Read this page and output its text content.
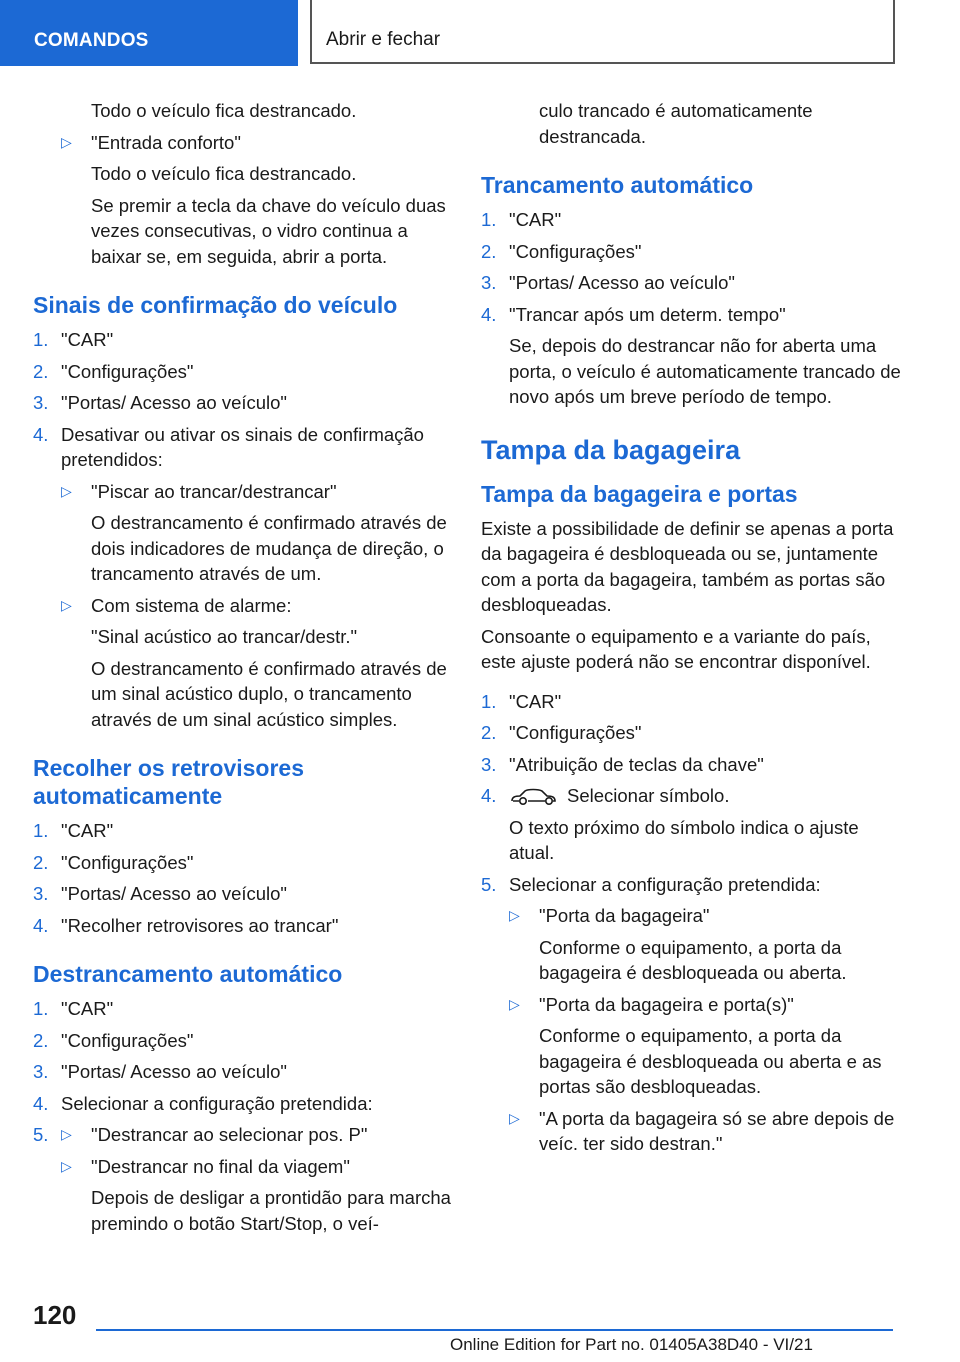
COMANDOS	Abrir e fechar

Todo o veículo fica destrancado.

▷ "Entrada conforto"

Todo o veículo fica destrancado.

Se premir a tecla da chave do veículo duas vezes consecutivas, o vidro continua a baixar se, em seguida, abrir a porta.

Sinais de confirmação do veículo
1. "CAR"
2. "Configurações"
3. "Portas/ Acesso ao veículo"
4. Desativar ou ativar os sinais de confirmação pretendidos:
▷ "Piscar ao trancar/destrancar"

O destrancamento é confirmado através de dois indicadores de mudança de direção, o trancamento através de um.

▷ Com sistema de alarme:

"Sinal acústico ao trancar/destr."

O destrancamento é confirmado através de um sinal acústico duplo, o trancamento através de um sinal acústico simples.

Recolher os retrovisores automaticamente
1. "CAR"
2. "Configurações"
3. "Portas/ Acesso ao veículo"
4. "Recolher retrovisores ao trancar"
Destrancamento automático
1. "CAR"
2. "Configurações"
3. "Portas/ Acesso ao veículo"
4. Selecionar a configuração pretendida:
5. ▷ "Destrancar ao selecionar pos. P"
▷ "Destrancar no final da viagem"

Depois de desligar a prontidão para marcha premindo o botão Start/Stop, o veí-

culo trancado é automaticamente destrancada.

Trancamento automático
1. "CAR"
2. "Configurações"
3. "Portas/ Acesso ao veículo"
4. "Trancar após um determ. tempo"

Se, depois do destrancar não for aberta uma porta, o veículo é automaticamente trancado de novo após um breve período de tempo.

Tampa da bagageira
Tampa da bagageira e portas

Existe a possibilidade de definir se apenas a porta da bagageira é desbloqueada ou se, juntamente com a porta da bagageira, também as portas são desbloqueadas.

Consoante o equipamento e a variante do país, este ajuste poderá não se encontrar disponível.

1. "CAR"
2. "Configurações"
3. "Atribuição de teclas da chave"
4.	Selecionar símbolo.

O texto próximo do símbolo indica o ajuste atual.

5. Selecionar a configuração pretendida:
▷ "Porta da bagageira"

Conforme o equipamento, a porta da bagageira é desbloqueada ou aberta.

▷ "Porta da bagageira e porta(s)"

Conforme o equipamento, a porta da bagageira é desbloqueada ou aberta e as portas são desbloqueadas.

▷ "A porta da bagageira só se abre depois de veíc. ter sido destran."
120
Online Edition for Part no. 01405A38D40 - VI/21
